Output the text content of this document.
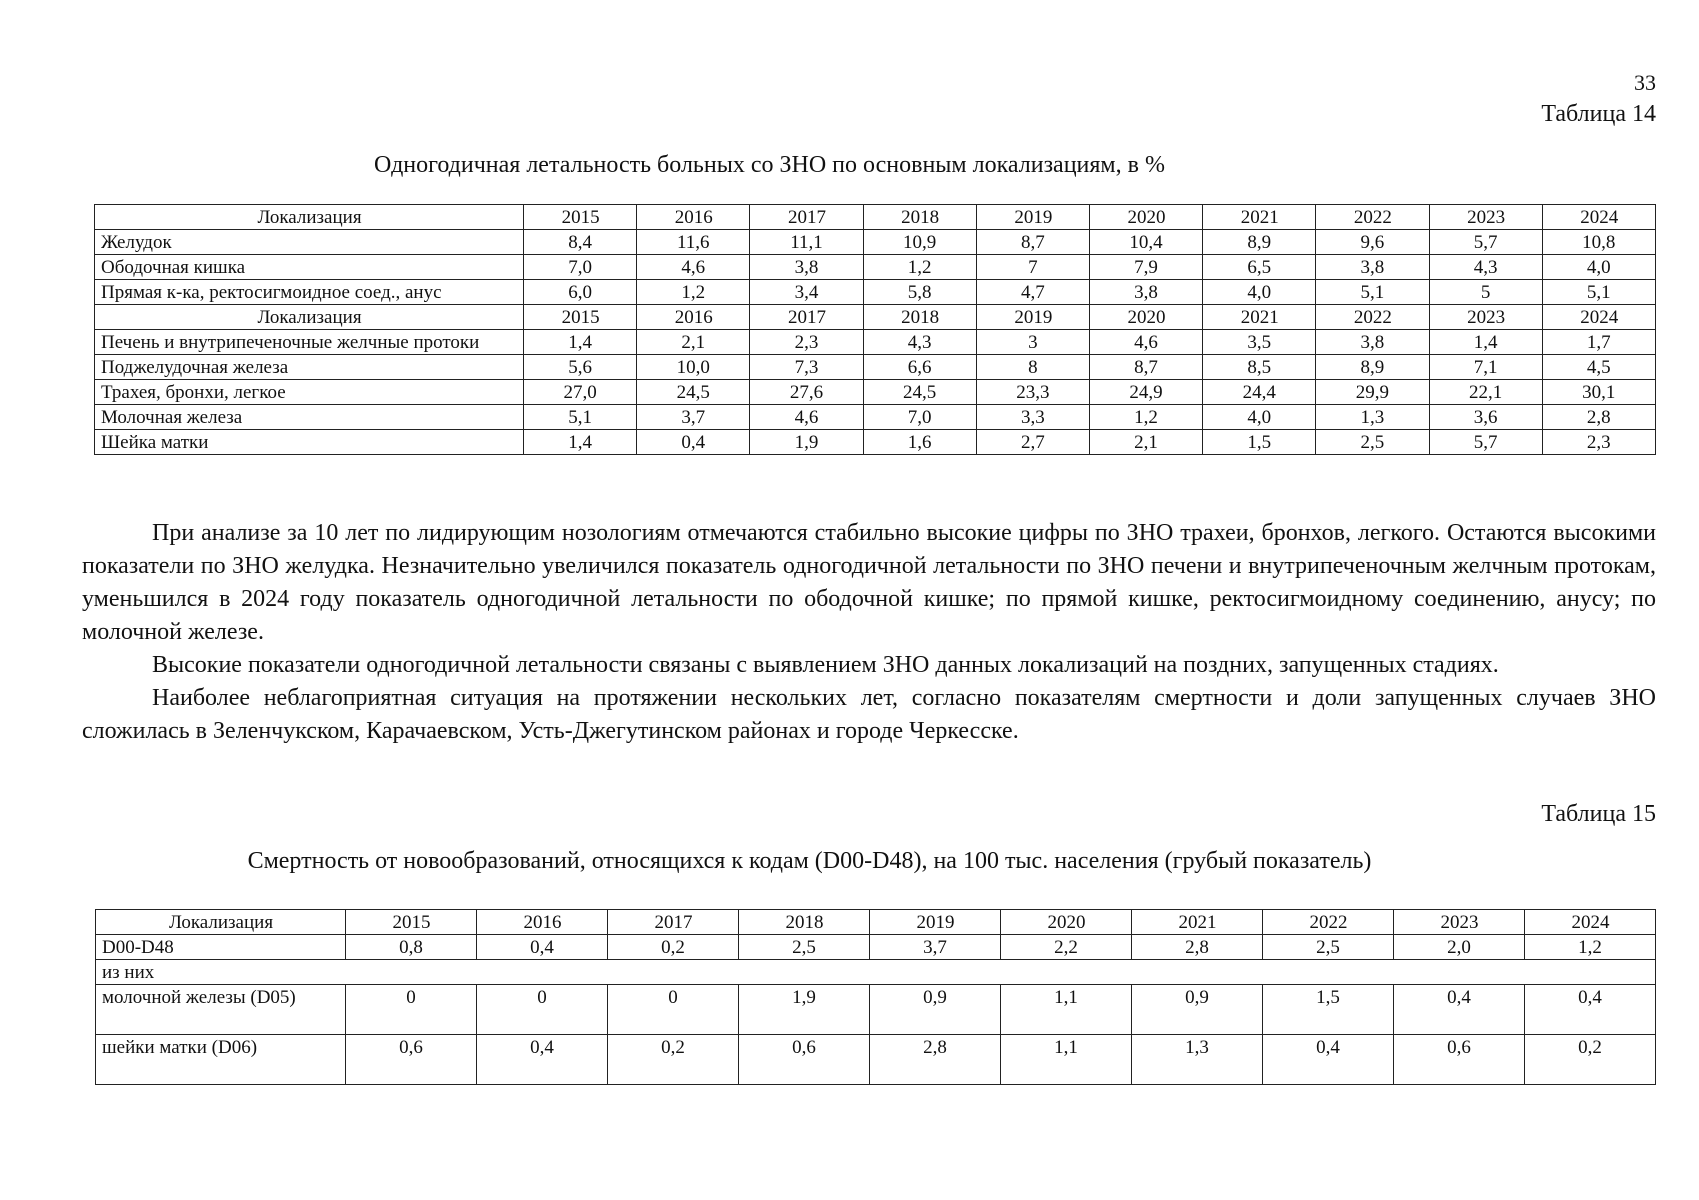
33
Таблица 14
Одногодичная летальность больных со ЗНО по основным локализациям, в %
Локализация	2015	2016	2017	2018	2019	2020	2021	2022	2023	2024
Желудок	8,4	11,6	11,1	10,9	8,7	10,4	8,9	9,6	5,7	10,8
Ободочная кишка	7,0	4,6	3,8	1,2	7	7,9	6,5	3,8	4,3	4,0
Прямая к-ка, ректосигмоидное соед., анус	6,0	1,2	3,4	5,8	4,7	3,8	4,0	5,1	5	5,1
Локализация	2015	2016	2017	2018	2019	2020	2021	2022	2023	2024
Печень и внутрипеченочные желчные протоки	1,4	2,1	2,3	4,3	3	4,6	3,5	3,8	1,4	1,7
Поджелудочная железа	5,6	10,0	7,3	6,6	8	8,7	8,5	8,9	7,1	4,5
Трахея, бронхи, легкое	27,0	24,5	27,6	24,5	23,3	24,9	24,4	29,9	22,1	30,1
Молочная железа	5,1	3,7	4,6	7,0	3,3	1,2	4,0	1,3	3,6	2,8
Шейка матки	1,4	0,4	1,9	1,6	2,7	2,1	1,5	2,5	5,7	2,3

При анализе за 10 лет по лидирующим нозологиям отмечаются стабильно высокие цифры по ЗНО трахеи, бронхов, легкого. Остаются высокими показатели по ЗНО желудка. Незначительно увеличился показатель одногодичной летальности по ЗНО печени и внутрипеченочным желчным протокам, уменьшился в 2024 году показатель одногодичной летальности по ободочной кишке; по прямой кишке, ректосигмоидному соединению, анусу; по молочной железе.

Высокие показатели одногодичной летальности связаны с выявлением ЗНО данных локализаций на поздних, запущенных стадиях.

Наиболее неблагоприятная ситуация на протяжении нескольких лет, согласно показателям смертности и доли запущенных случаев ЗНО сложилась в Зеленчукском, Карачаевском, Усть-Джегутинском районах и городе Черкесске.

Таблица 15
Смертность от новообразований, относящихся к кодам (D00-D48), на 100 тыс. населения (грубый показатель)
Локализация	2015	2016	2017	2018	2019	2020	2021	2022	2023	2024
D00-D48	0,8	0,4	0,2	2,5	3,7	2,2	2,8	2,5	2,0	1,2
из них										
молочной железы (D05)	0	0	0	1,9	0,9	1,1	0,9	1,5	0,4	0,4
шейки матки (D06)	0,6	0,4	0,2	0,6	2,8	1,1	1,3	0,4	0,6	0,2
